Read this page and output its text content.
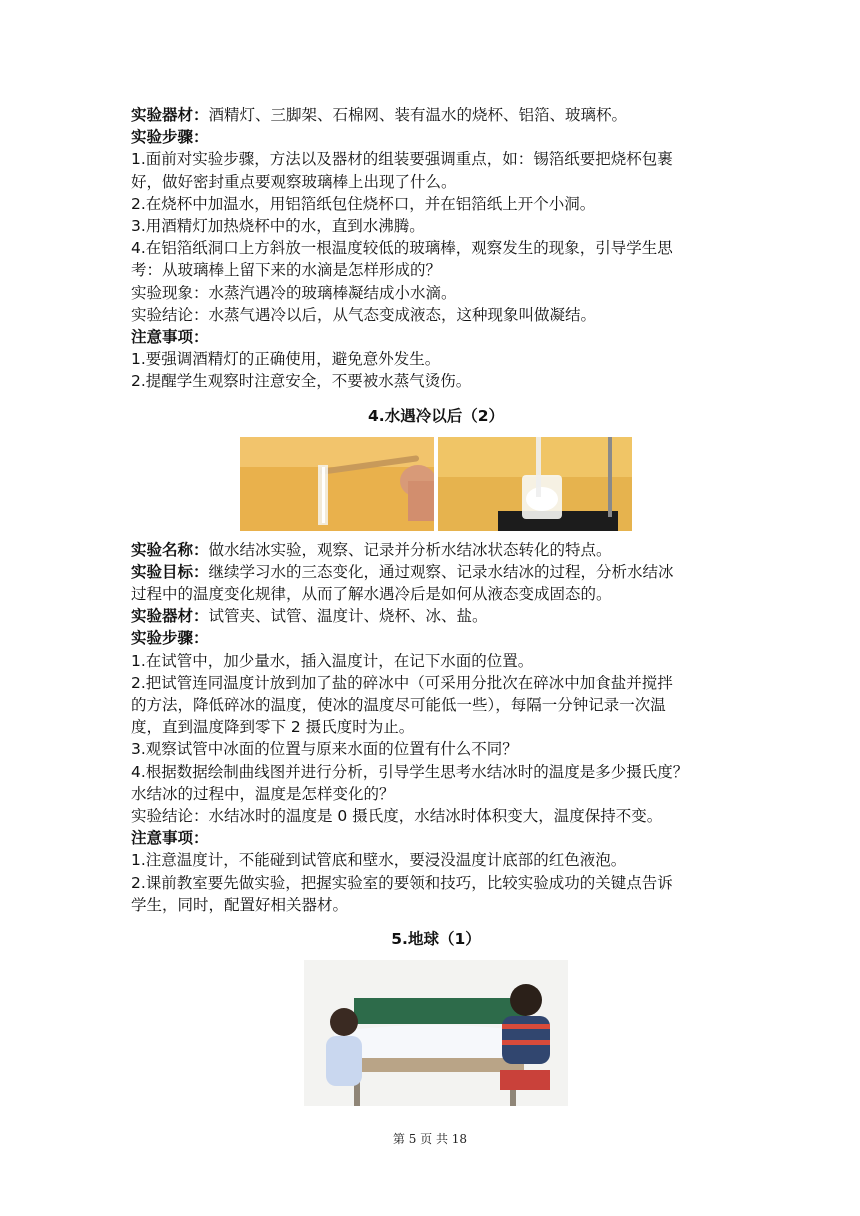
实验器材：酒精灯、三脚架、石棉网、装有温水的烧杯、铝箔、玻璃杯。
实验步骤：
1.面前对实验步骤，方法以及器材的组装要强调重点，如：锡箔纸要把烧杯包裹
好，做好密封重点要观察玻璃棒上出现了什么。
2.在烧杯中加温水，用铝箔纸包住烧杯口，并在铝箔纸上开个小洞。
3.用酒精灯加热烧杯中的水，直到水沸腾。
4.在铝箔纸洞口上方斜放一根温度较低的玻璃棒，观察发生的现象，引导学生思
考：从玻璃棒上留下来的水滴是怎样形成的？
实验现象：水蒸汽遇冷的玻璃棒凝结成小水滴。
实验结论：水蒸气遇冷以后，从气态变成液态，这种现象叫做凝结。
注意事项：
1.要强调酒精灯的正确使用，避免意外发生。
2.提醒学生观察时注意安全，不要被水蒸气烫伤。
4.水遇冷以后（2）
实验名称：做水结冰实验，观察、记录并分析水结冰状态转化的特点。
实验目标：继续学习水的三态变化，通过观察、记录水结冰的过程，分析水结冰
过程中的温度变化规律，从而了解水遇冷后是如何从液态变成固态的。
实验器材：试管夹、试管、温度计、烧杯、冰、盐。
实验步骤：
1.在试管中，加少量水，插入温度计，在记下水面的位置。
2.把试管连同温度计放到加了盐的碎冰中（可采用分批次在碎冰中加食盐并搅拌
的方法，降低碎冰的温度，使冰的温度尽可能低一些），每隔一分钟记录一次温
度，直到温度降到零下 2 摄氏度时为止。
3.观察试管中冰面的位置与原来水面的位置有什么不同？
4.根据数据绘制曲线图并进行分析，引导学生思考水结冰时的温度是多少摄氏度？
水结冰的过程中，温度是怎样变化的？
实验结论：水结冰时的温度是 0 摄氏度，水结冰时体积变大，温度保持不变。
注意事项：
1.注意温度计，不能碰到试管底和壁水，要浸没温度计底部的红色液泡。
2.课前教室要先做实验，把握实验室的要领和技巧，比较实验成功的关键点告诉
学生，同时，配置好相关器材。
5.地球（1）
第 5 页 共 18
